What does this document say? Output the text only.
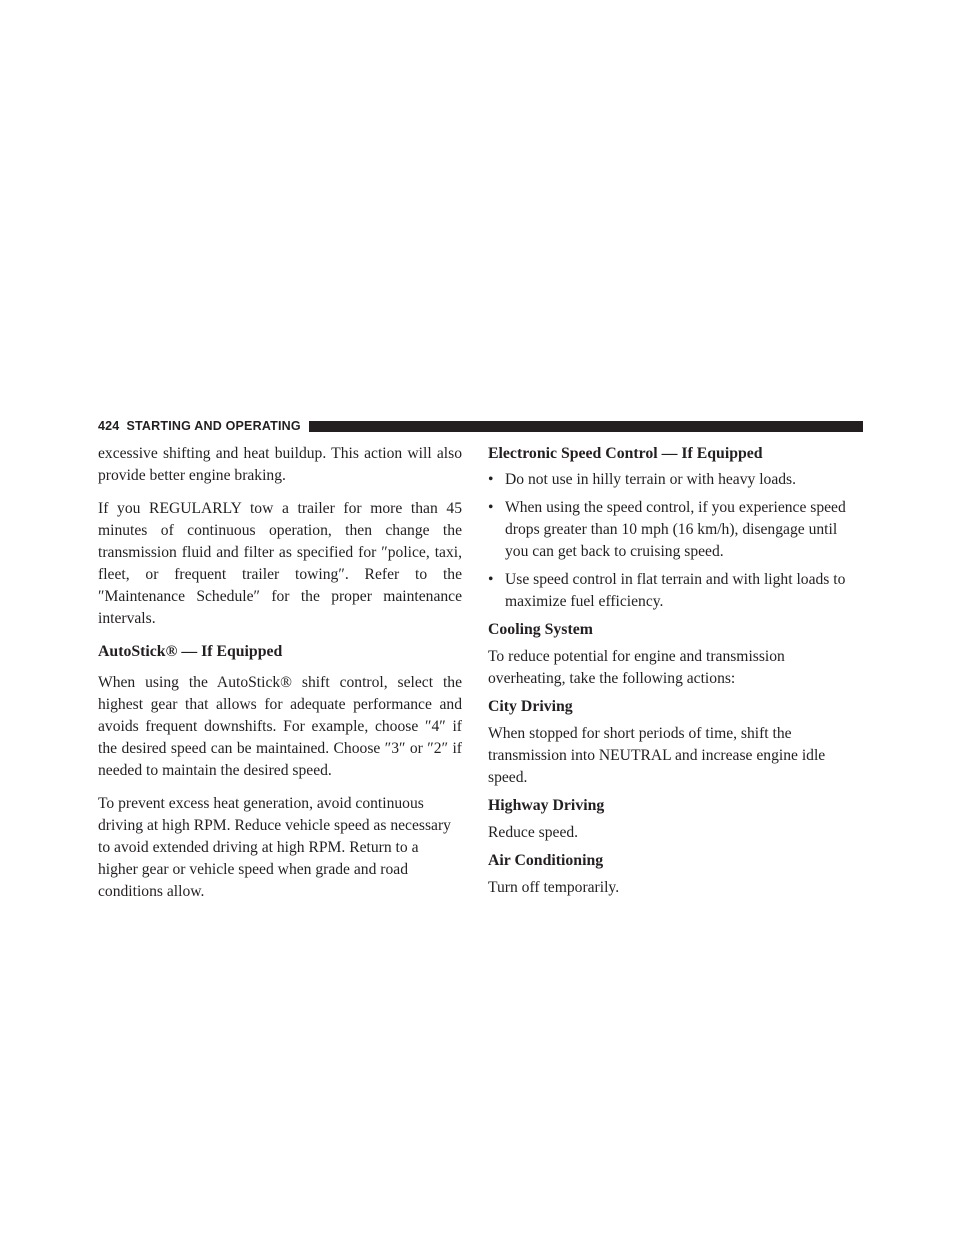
424 STARTING AND OPERATING

excessive shifting and heat buildup. This action will also provide better engine braking.

If you REGULARLY tow a trailer for more than 45 minutes of continuous operation, then change the transmission fluid and filter as specified for ″police, taxi, fleet, or frequent trailer towing″. Refer to the ″Maintenance Schedule″ for the proper maintenance intervals.

AutoStick® — If Equipped

When using the AutoStick® shift control, select the highest gear that allows for adequate performance and avoids frequent downshifts. For example, choose ″4″ if the desired speed can be maintained. Choose ″3″ or ″2″ if needed to maintain the desired speed.

To prevent excess heat generation, avoid continuous driving at high RPM. Reduce vehicle speed as necessary to avoid extended driving at high RPM. Return to a higher gear or vehicle speed when grade and road conditions allow.

Electronic Speed Control — If Equipped
• Do not use in hilly terrain or with heavy loads.
• When using the speed control, if you experience speed drops greater than 10 mph (16 km/h), disengage until you can get back to cruising speed.
• Use speed control in flat terrain and with light loads to maximize fuel efficiency.
Cooling System

To reduce potential for engine and transmission overheating, take the following actions:

City Driving

When stopped for short periods of time, shift the transmission into NEUTRAL and increase engine idle speed.

Highway Driving

Reduce speed.

Air Conditioning

Turn off temporarily.
